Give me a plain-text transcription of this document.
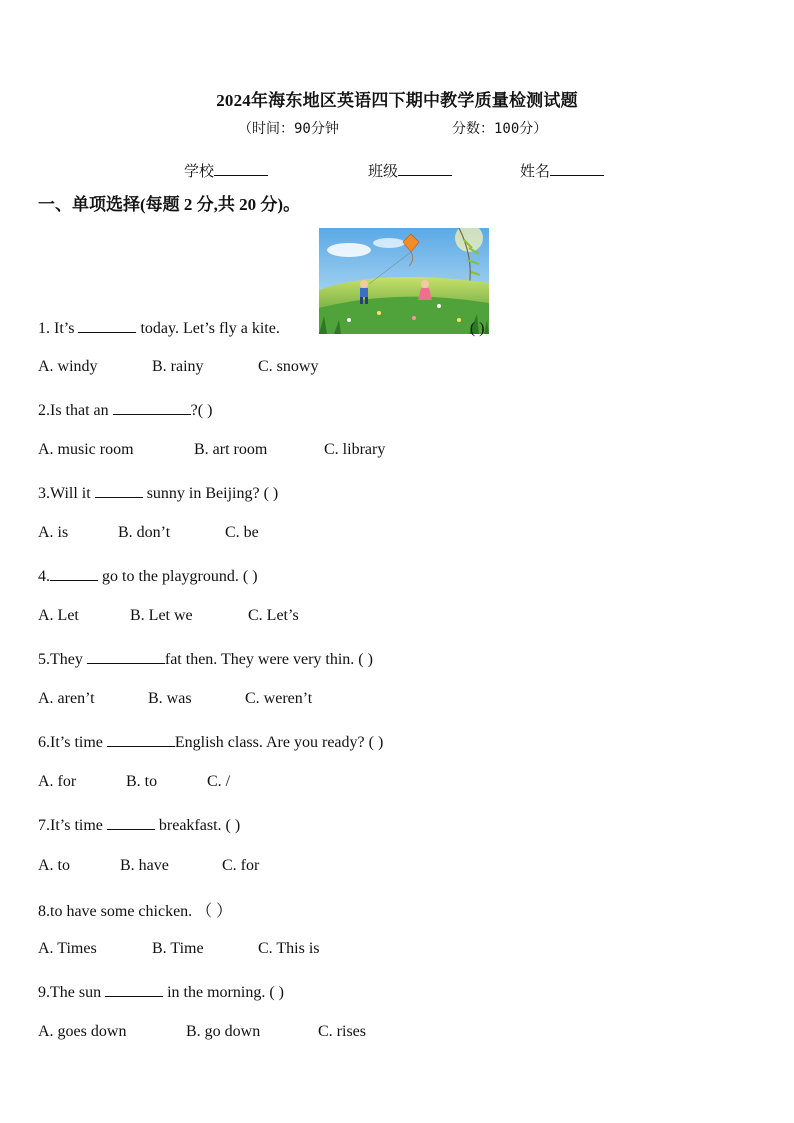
2024年海东地区英语四下期中教学质量检测试题
（时间：90分钟	分数：100分）
学校	班级	姓名
一、单项选择(每题 2 分,共 20 分)。
1. It’s	today. Let’s fly a kite.	( )
A. windy	B. rainy	C. snowy
2.Is that an	?( )
A. music room	B. art room	C. library
3.Will it	sunny in Beijing? ( )
A. is	B. don’t	C. be
4.	go to the playground. ( )
A. Let	B. Let we	C. Let’s
5.They	fat then. They were very thin. ( )
A. aren’t	B. was	C. weren’t
6.It’s time	English class. Are you ready? ( )
A. for	B. to	C. /
7.It’s time	breakfast. ( )
A. to	B. have	C. for
8.to have some chicken. （ ）
A. Times	B. Time	C. This is
9.The sun	in the morning. ( )
A. goes down	B. go down	C. rises
